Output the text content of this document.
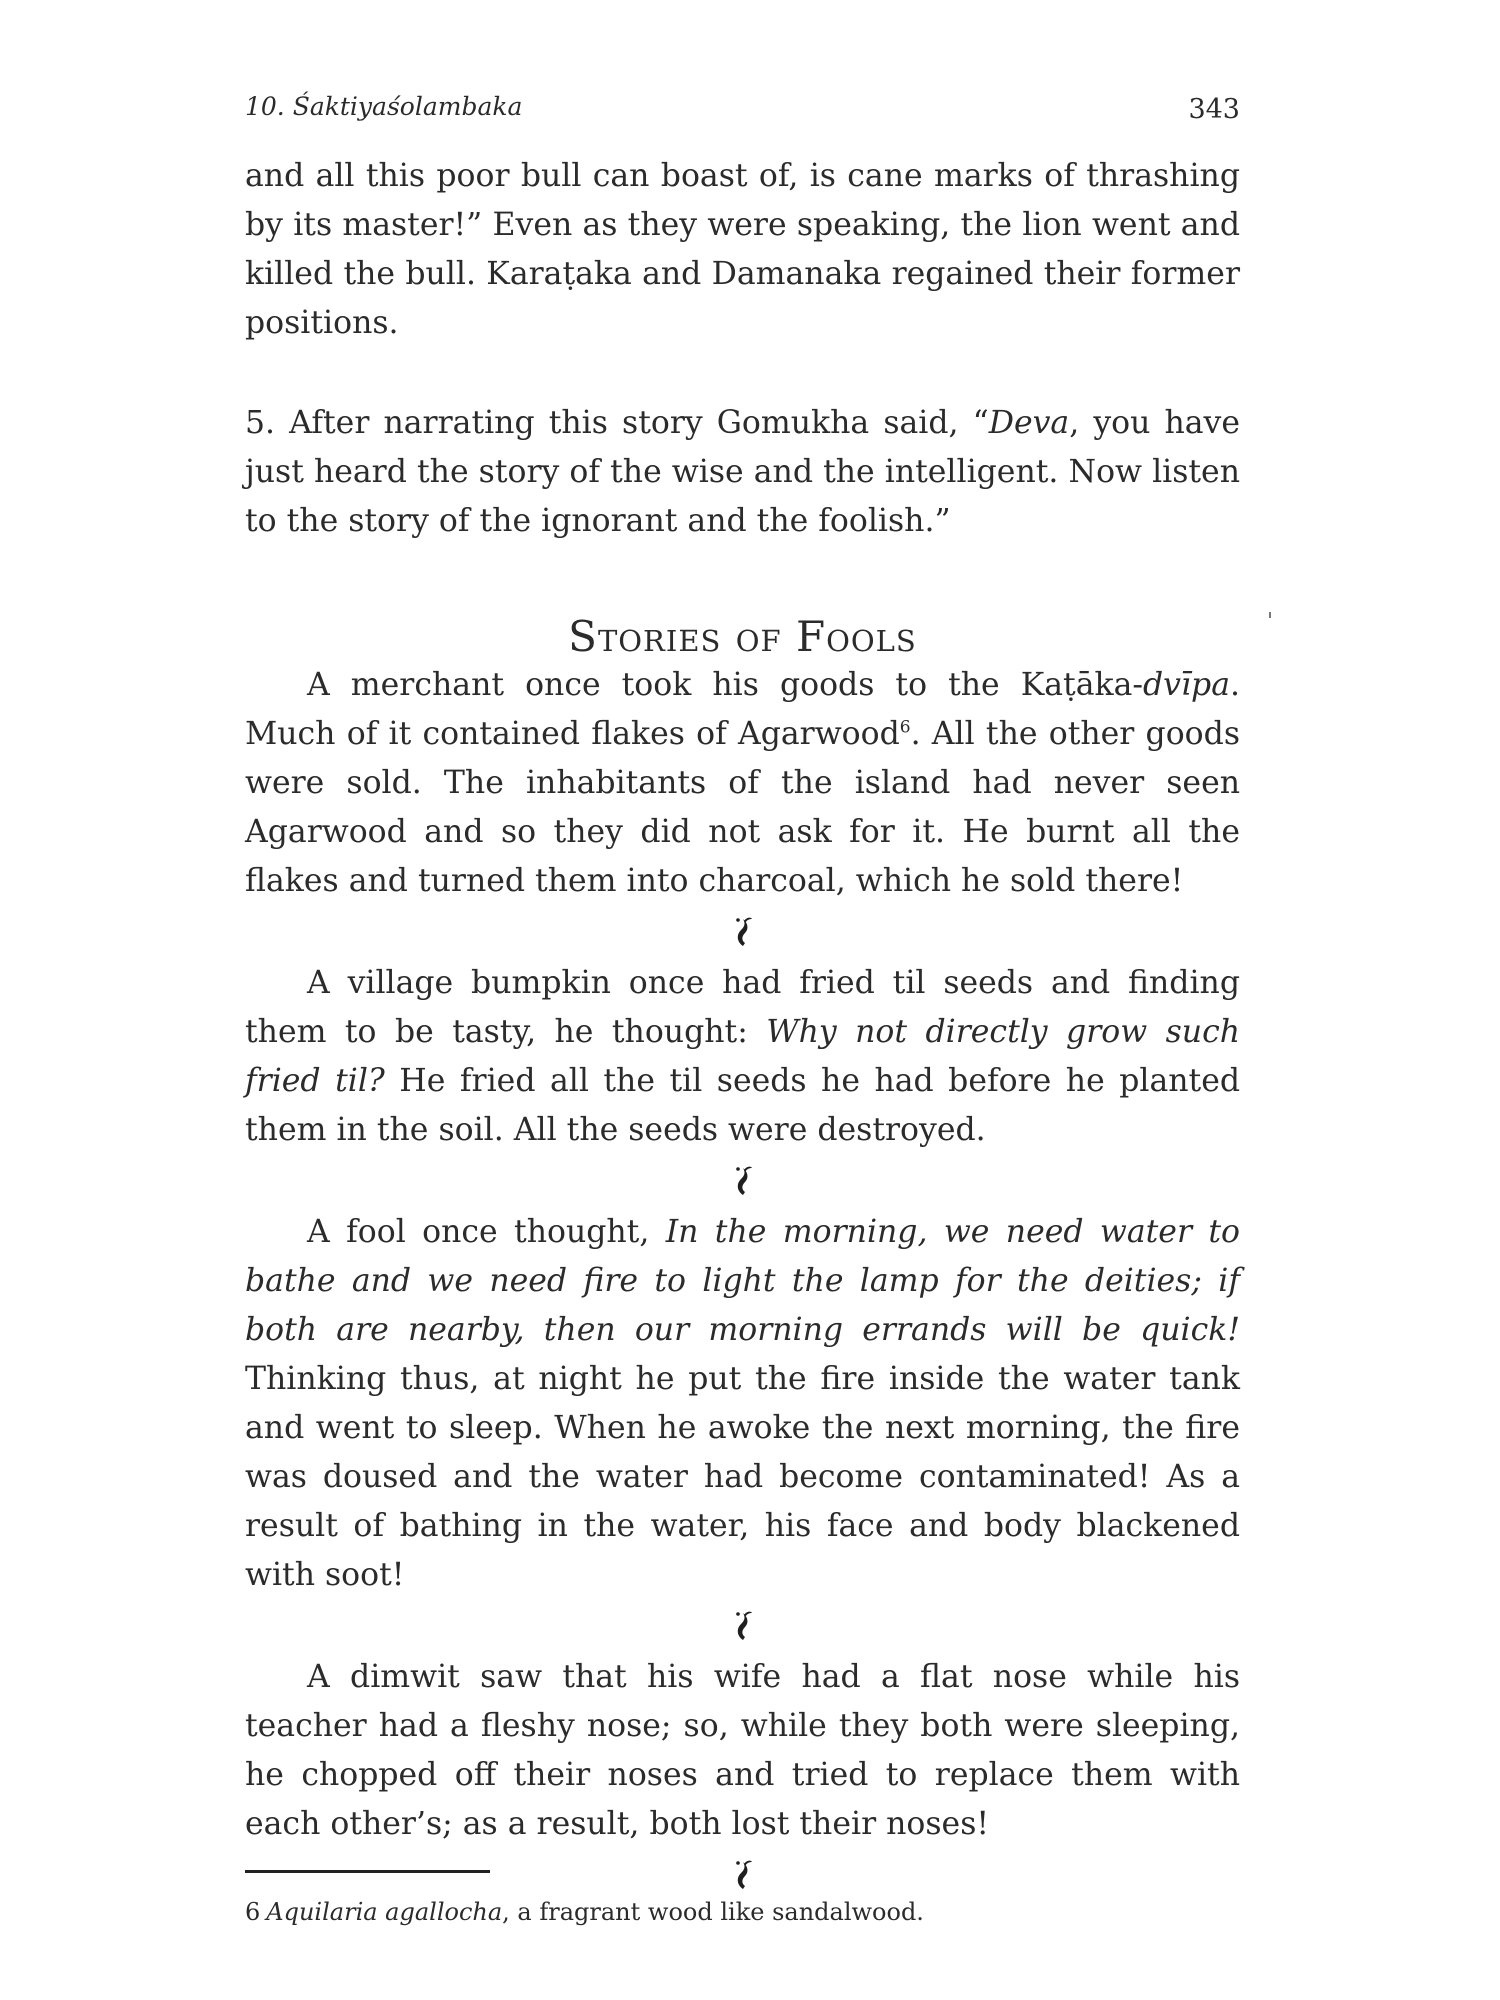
10. Śaktiyaśolambaka	343

and all this poor bull can boast of, is cane marks of thrashing by its master!” Even as they were speaking, the lion went and killed the bull. Karaṭaka and Damanaka regained their former positions.

5. After narrating this story Gomukha said, “Deva, you have just heard the story of the wise and the intelligent. Now listen to the story of the ignorant and the foolish.”

Stories of Fools

A merchant once took his goods to the Kaṭāka-dvīpa. Much of it contained flakes of Agarwood$^6$. All the other goods were sold. The inhabitants of the island had never seen Agarwood and so they did not ask for it. He burnt all the flakes and turned them into charcoal, which he sold there!

A village bumpkin once had fried til seeds and finding them to be tasty, he thought: Why not directly grow such fried til? He fried all the til seeds he had before he planted them in the soil. All the seeds were destroyed.

A fool once thought, In the morning, we need water to bathe and we need fire to light the lamp for the deities; if both are nearby, then our morning errands will be quick! Thinking thus, at night he put the fire inside the water tank and went to sleep. When he awoke the next morning, the fire was doused and the water had become contaminated! As a result of bathing in the water, his face and body blackened with soot!

A dimwit saw that his wife had a flat nose while his teacher had a fleshy nose; so, while they both were sleeping, he chopped off their noses and tried to replace them with each other’s; as a result, both lost their noses!

6 Aquilaria agallocha, a fragrant wood like sandalwood.
